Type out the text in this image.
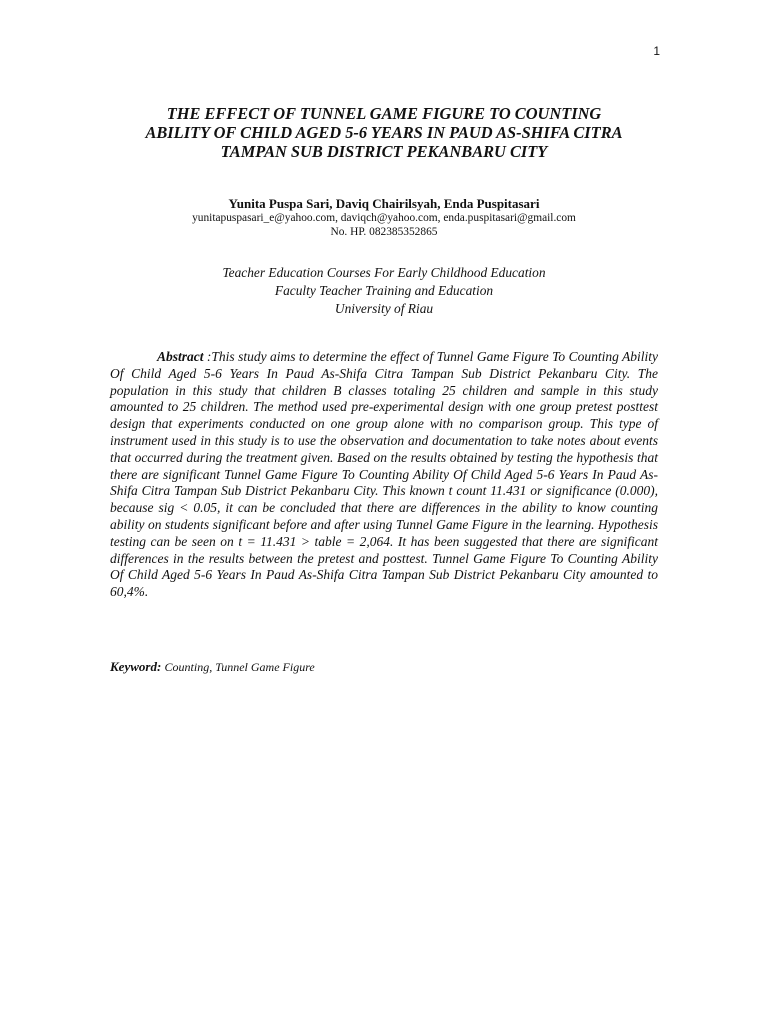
1
THE EFFECT OF TUNNEL GAME FIGURE TO COUNTING
ABILITY OF CHILD AGED 5-6 YEARS IN PAUD AS-SHIFA CITRA
TAMPAN SUB DISTRICT PEKANBARU CITY
Yunita Puspa Sari, Daviq Chairilsyah, Enda Puspitasari
yunitapuspasari_e@yahoo.com, daviqch@yahoo.com, enda.puspitasari@gmail.com
No. HP. 082385352865
Teacher Education Courses For Early Childhood Education
Faculty Teacher Training and Education
University of Riau

Abstract :This study aims to determine the effect of Tunnel Game Figure To Counting Ability Of Child Aged 5-6 Years In Paud As-Shifa Citra Tampan Sub District Pekanbaru City. The population in this study that children B classes totaling 25 children and sample in this study amounted to 25 children. The method used pre-experimental design with one group pretest posttest design that experiments conducted on one group alone with no comparison group. This type of instrument used in this study is to use the observation and documentation to take notes about events that occurred during the treatment given. Based on the results obtained by testing the hypothesis that there are significant Tunnel Game Figure To Counting Ability Of Child Aged 5-6 Years In Paud As-Shifa Citra Tampan Sub District Pekanbaru City. This known t count 11.431 or significance (0.000), because sig < 0.05, it can be concluded that there are differences in the ability to know counting ability on students significant before and after using Tunnel Game Figure in the learning. Hypothesis testing can be seen on t = 11.431 > table = 2,064. It has been suggested that there are significant differences in the results between the pretest and posttest. Tunnel Game Figure To Counting Ability Of Child Aged 5-6 Years In Paud As-Shifa Citra Tampan Sub District Pekanbaru City amounted to 60,4%.

Keyword: Counting, Tunnel Game Figure
